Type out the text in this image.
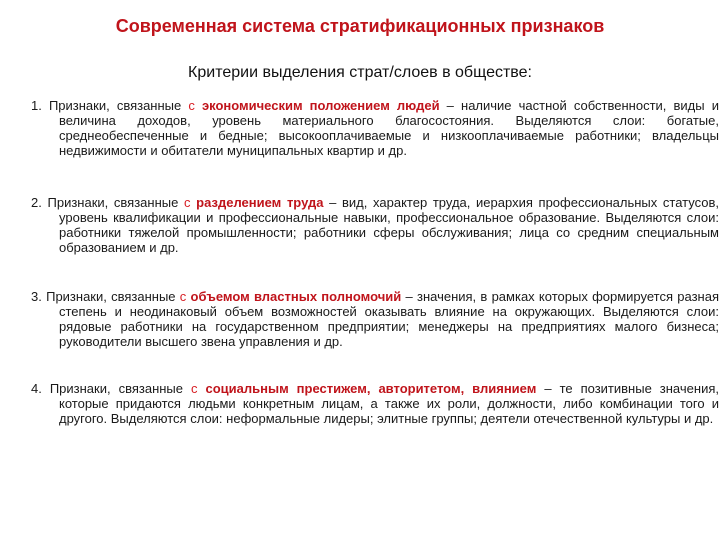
Современная система стратификационных признаков
Критерии выделения страт/слоев в обществе:
1. Признаки, связанные с экономическим положением людей – наличие частной собственности, виды и величина доходов, уровень материального благосостояния. Выделяются слои: богатые, среднеобеспеченные и бедные; высокооплачиваемые и низкооплачиваемые работники; владельцы недвижимости и обитатели муниципальных квартир и др.
2. Признаки, связанные с разделением труда – вид, характер труда, иерархия профессиональных статусов, уровень квалификации и профессиональные навыки, профессиональное образование. Выделяются слои: работники тяжелой промышленности; работники сферы обслуживания; лица со средним специальным образованием и др.
3. Признаки, связанные с объемом властных полномочий – значения, в рамках которых формируется разная степень и неодинаковый объем возможностей оказывать влияние на окружающих. Выделяются слои: рядовые работники на государственном предприятии; менеджеры на предприятиях малого бизнеса; руководители высшего звена управления и др.
4. Признаки, связанные с социальным престижем, авторитетом, влиянием – те позитивные значения, которые придаются людьми конкретным лицам, а также их роли, должности, либо комбинации того и другого. Выделяются слои: неформальные лидеры; элитные группы; деятели отечественной культуры и др.
